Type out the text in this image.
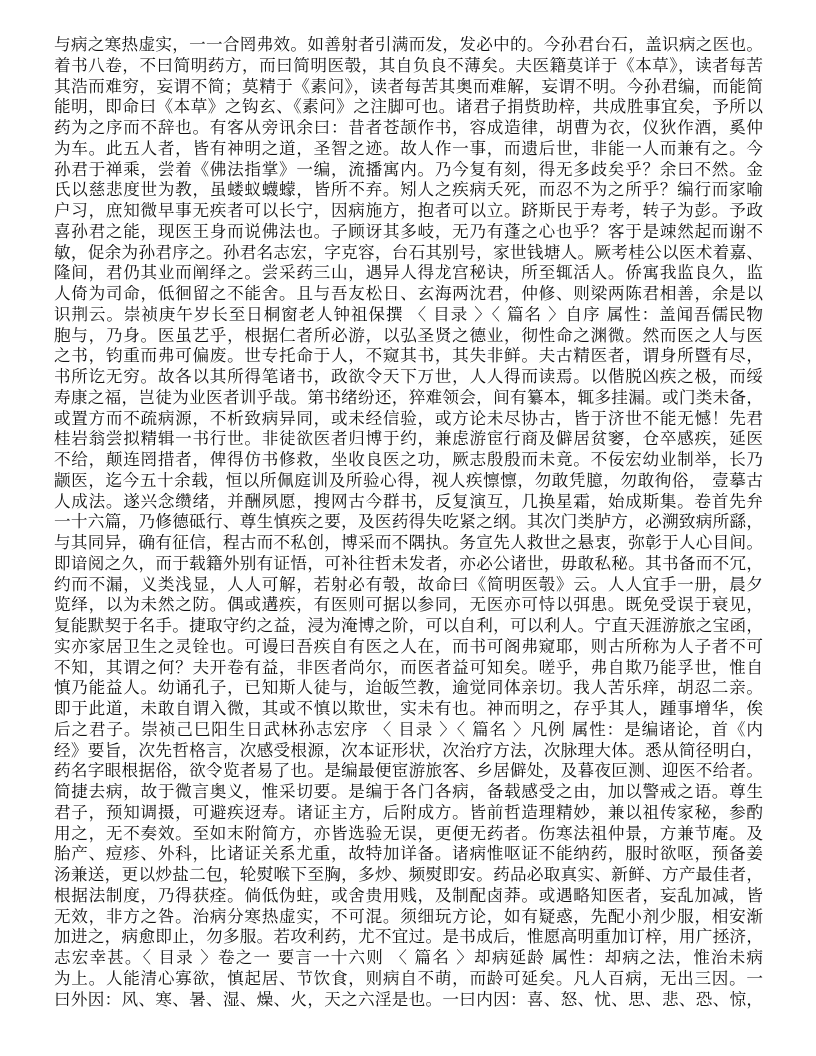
与病之寒热虚实，一一合罔弗效。如善射者引满而发，发必中的。今孙君台石，盖识病之医也。
着书八卷，不曰简明药方，而曰简明医彀，其自负良不薄矣。夫医籍莫详于《本草》，读者每苦
其浩而难穷，妄谓不简；莫精于《素问》，读者每苦其奥而难解，妄谓不明。今孙君编，而能简
能明，即命曰《本草》之钩玄、《素问》之注脚可也。诸君子捐赀助梓，共成胜事宜矣，予所以
药为之序而不辞也。有客从旁讯余曰：昔者苍颉作书，容成造律，胡曹为衣，仪狄作酒，奚仲
为车。此五人者，皆有神明之道，圣智之迹。故人作一事，而遗后世，非能一人而兼有之。今
孙君于禅乘，尝着《佛法指掌》一编，流播寓内。乃今复有刻，得无多歧矣乎？余曰不然。金
氏以慈悲度世为教，虽蝼蚁蠛蠓，皆所不弃。矧人之疾病夭死，而忍不为之所乎？编行而家喻
户习，庶知微早事无疾者可以长宁，因病施方，抱者可以立。跻斯民于寿考，转子为彭。予政
喜孙君之能，现医王身而说佛法也。子顾讶其多岐，无乃有蓬之心也乎？客于是竦然起而谢不
敏，促余为孙君序之。孙君名志宏，字克容，台石其别号，家世钱塘人。厥考桂公以医术着嘉、
隆间，君仍其业而阐绎之。尝采药三山，遇异人得龙宫秘诀，所至辄活人。侨寓我监良久，监
人倚为司命，低徊留之不能舍。且与吾友松日、玄海两沈君，仲修、则梁两陈君相善，余是以
识荆云。崇祯庚午岁长至日桐窗老人钟祖保撰 〈 目录 〉〈 篇名 〉自序 属性：盖闻吾儒民物
胞与，乃身。医虽艺乎，根据仁者所必游，以弘圣贤之德业，彻性命之渊微。然而医之人与医
之书，钧重而弗可偏废。世专托命于人，不窥其书，其失非鲜。夫古精医者，谓身所暨有尽，
书所讫无穷。故各以其所得笔诸书，政欲令天下万世，人人得而读焉。以偕脱凶疾之极，而绥
寿康之福，岂徒为业医者训乎哉。第书绪纷还，猝难领会，间有纂本，辄多挂漏。或门类未备，
或置方而不疏病源，不析致病异同，或未经信验，或方论未尽协古，皆于济世不能无憾！先君
桂岩翁尝拟精辑一书行世。非徒欲医者归博于约，兼虑游宦行商及僻居贫窭，仓卒感疾，延医
不给，颠连罔措者，俾得仿书修救，坐收良医之功，厥志殷殷而未竟。不佞宏幼业制举，长乃
颛医，迄今五十余载，恒以所佩庭训及所验心得，视人疾懔懔，勿敢凭臆，勿敢徇俗， 壹摹古
人成法。遂兴念缵绪，并酬夙愿，搜网古今群书，反复演互，几换星霜，始成斯集。卷首先弁
一十六篇，乃修德砥行、尊生慎疾之要，及医药得失吃紧之纲。其次门类胪方，必溯致病所繇，
与其同异，确有征信，程古而不私创，博采而不隅执。务宣先人救世之悬衷，弥彰于人心目间。
即谙阅之久，而于载籍外别有证悟，可补往哲未发者，亦必公诸世，毋敢私秘。其书备而不冗，
约而不漏，义类浅显，人人可解，若射必有彀，故命曰《简明医彀》云。人人宜手一册，晨夕
览绎，以为未然之防。偶或遘疾，有医则可据以参同，无医亦可恃以弭患。既免受误于衰见，
复能默契于名手。捷取守约之益，浸为淹博之阶，可以自利，可以利人。宁直天涯游旅之宝函，
实亦家居卫生之灵铨也。可谩曰吾疾自有医之人在，而书可阁弗窥耶，则古所称为人子者不可
不知，其谓之何？夫开卷有益，非医者尚尔，而医者益可知矣。嗟乎，弗自欺乃能孚世，惟自
慎乃能益人。幼诵孔子，已知斯人徒与，迨皈竺教，逾觉同体亲切。我人苦乐痒，胡忍二亲。
即于此道，未敢自谓入微，其或不慎以欺世，实未有也。神而明之，存乎其人，踵事增华，俟
后之君子。崇祯己巳阳生日武林孙志宏序 〈 目录 〉〈 篇名 〉凡例 属性：是编诸论，首《内
经》要旨，次先哲格言，次感受根源，次本证形状，次治疗方法，次脉理大体。悉从简径明白，
药名字眼根据俗，欲令览者易了也。是编最便宦游旅客、乡居僻处，及暮夜叵测、迎医不给者。
简捷去病，故于微言奥义，惟采切要。是编于各门各病，备载感受之由，加以警戒之语。尊生
君子，预知调摄，可避疾迓寿。诸证主方，后附成方。皆前哲造理精妙，兼以祖传家秘，参酌
用之，无不奏效。至如末附简方，亦皆选验无误，更便无药者。伤寒法祖仲景，方兼节庵。及
胎产、痘疹、外科，比诸证关系尤重，故特加详备。诸病惟呕证不能纳药，服时欲呕，预备姜
汤兼送，更以炒盐二包，轮熨喉下至胸，多炒、频熨即安。药品必取真实、新鲜、方产最佳者，
根据法制度，乃得获痊。倘低伪蛀，或舍贵用贱，及制配卤莽。或遇略知医者，妄乱加减，皆
无效，非方之咎。治病分寒热虚实，不可混。须细玩方论，如有疑惑，先配小剂少服，相安渐
加进之，病愈即止，勿多服。若攻利药，尤不宜过。是书成后，惟愿高明重加订梓，用广拯济，
志宏幸甚。〈 目录 〉卷之一 要言一十六则 〈 篇名 〉却病延龄 属性：却病之法，惟治未病
为上。人能清心寡欲，慎起居、节饮食，则病自不萌，而龄可延矣。凡人百病，无出三因。一
曰外因：风、寒、暑、湿、燥、火，天之六淫是也。一曰内因：喜、怒、忧、思、悲、恐、惊，
